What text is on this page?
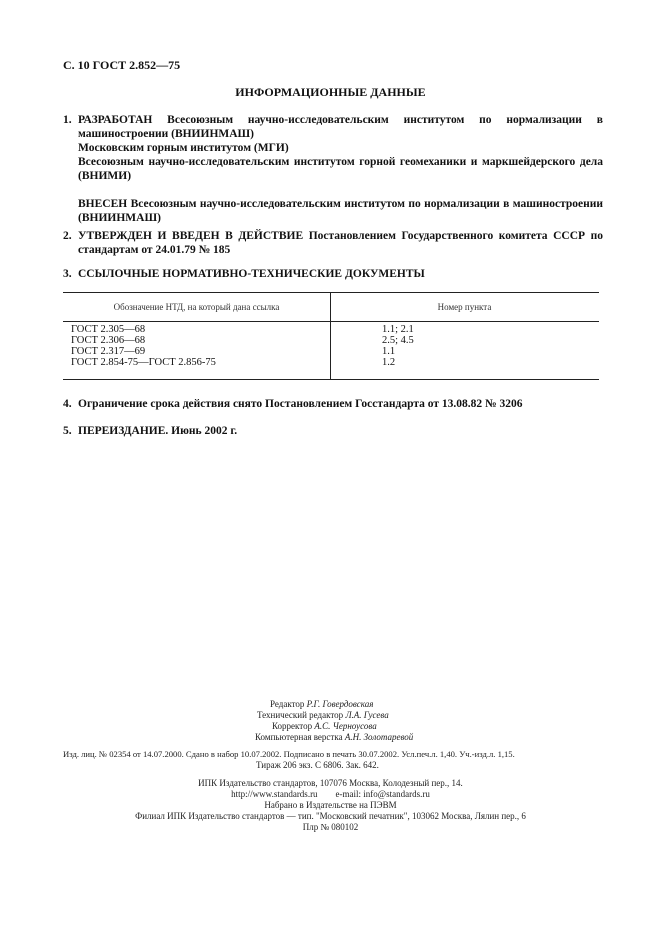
С. 10 ГОСТ 2.852—75
ИНФОРМАЦИОННЫЕ ДАННЫЕ
1. РАЗРАБОТАН Всесоюзным научно-исследовательским институтом по нормализации в машиностроении (ВНИИНМАШ)

Московским горным институтом (МГИ)

Всесоюзным научно-исследовательским институтом горной геомеханики и маркшейдерского дела (ВНИМИ)

ВНЕСЕН Всесоюзным научно-исследовательским институтом по нормализации в машиностроении (ВНИИНМАШ)

2. УТВЕРЖДЕН И ВВЕДЕН В ДЕЙСТВИЕ Постановлением Государственного комитета СССР по стандартам от 24.01.79 № 185

3. ССЫЛОЧНЫЕ НОРМАТИВНО-ТЕХНИЧЕСКИЕ ДОКУМЕНТЫ

Обозначение НТД, на который дана ссылка	Номер пункта
ГОСТ 2.305—68	1.1; 2.1
ГОСТ 2.306—68	2.5; 4.5
ГОСТ 2.317—69	1.1
ГОСТ 2.854-75—ГОСТ 2.856-75	1.2
4. Ограничение срока действия снято Постановлением Госстандарта от 13.08.82 № 3206

5. ПЕРЕИЗДАНИЕ. Июнь 2002 г.

Редактор Р.Г. Говердовская
Технический редактор Л.А. Гусева
Корректор А.С. Черноусова
Компьютерная верстка А.Н. Золотаревой
Изд. лиц. № 02354 от 14.07.2000. Сдано в набор 10.07.2002. Подписано в печать 30.07.2002. Усл.печ.л. 1,40. Уч.-изд.л. 1,15.
Тираж 206 экз. С 6806. Зак. 642.
ИПК Издательство стандартов, 107076 Москва, Колодезный пер., 14.
http://www.standards.ru        e-mail: info@standards.ru
Набрано в Издательстве на ПЭВМ
Филиал ИПК Издательство стандартов — тип. "Московский печатник", 103062 Москва, Лялин пер., 6
Плр № 080102
